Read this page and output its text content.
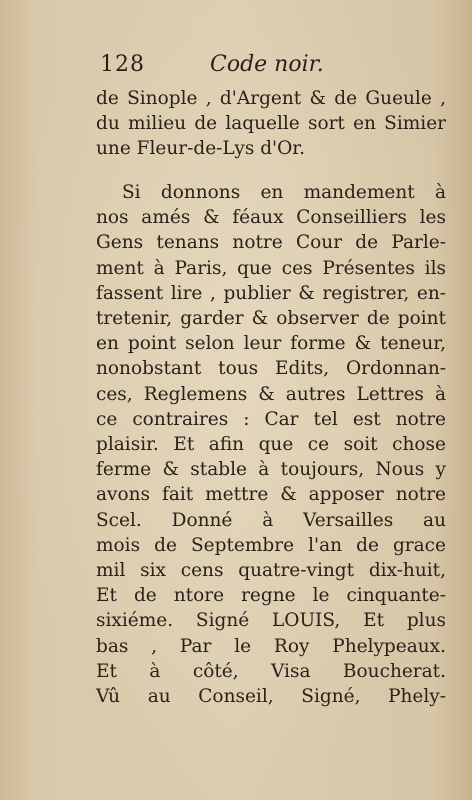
128	Code noir.
de Sinople , d'Argent & de Gueule ,
du milieu de laquelle sort en Simier
une Fleur-de-Lys d'Or.
Si donnons en mandement à
nos amés & féaux Conseilliers les
Gens tenans notre Cour de Parle-
ment à Paris, que ces Présentes ils
fassent lire , publier & registrer, en-
tretenir, garder & observer de point
en point selon leur forme & teneur,
nonobstant tous Edits, Ordonnan-
ces, Reglemens & autres Lettres à
ce contraires : Car tel est notre
plaisir. Et afin que ce soit chose
ferme & stable à toujours, Nous y
avons fait mettre & apposer notre
Scel. Donné à Versailles au
mois de Septembre l'an de grace
mil six cens quatre-vingt dix-huit,
Et de ntore regne le cinquante-
sixiéme. Signé LOUIS, Et plus
bas , Par le Roy Phelypeaux.
Et à côté, Visa Boucherat.
Vû au Conseil, Signé, Phely-
